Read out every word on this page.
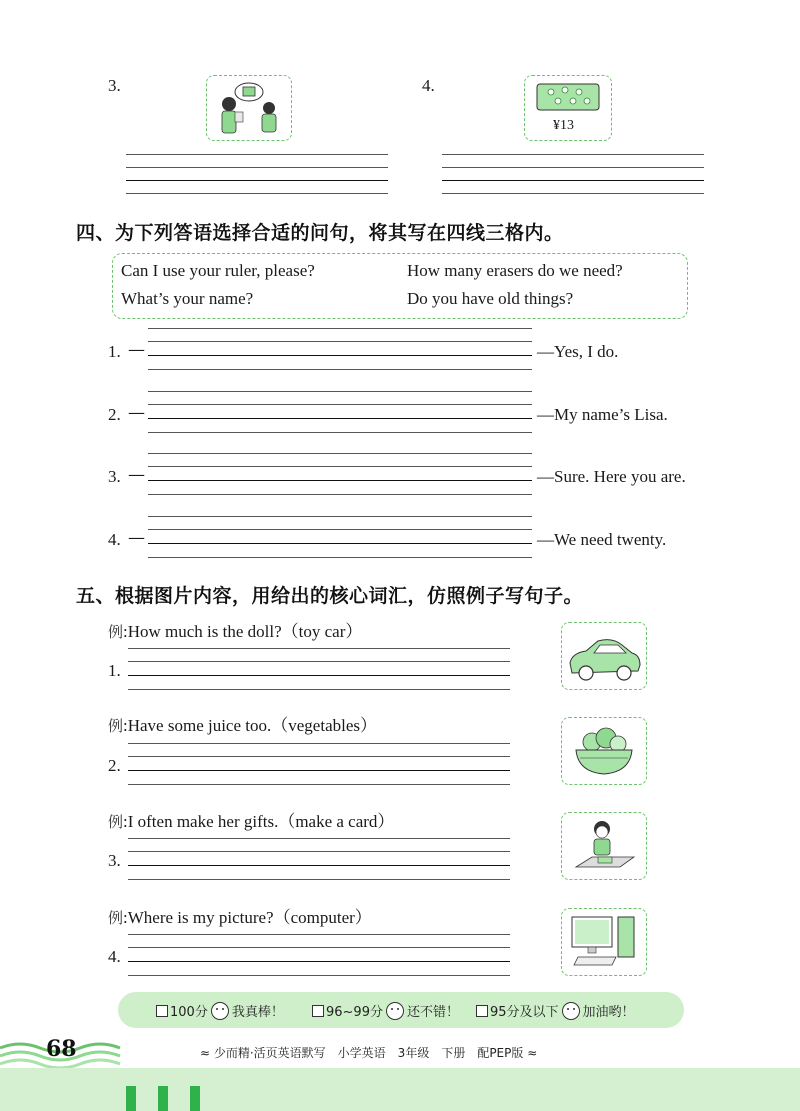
3.	4.
¥13
四、为下列答语选择合适的问句，将其写在四线三格内。
Can I use your ruler, please?	How many erasers do we need?
What’s your name?	Do you have old things?
1. —	—Yes, I do.
2. —	—My name’s Lisa.
3. —	—Sure. Here you are.
4. —	—We need twenty.
五、根据图片内容，用给出的核心词汇，仿照例子写句子。
例:How much is the doll?（toy car）
1.
例:Have some juice too.（vegetables）
2.
例:I often make her gifts.（make a card）
3.
例:Where is my picture?（computer）
4.
100分 我真棒！	96~99分 还不错！	95分及以下 加油哟！
68	≈ 少而精·活页英语默写　小学英语　3年级　下册　配PEP版 ≈
